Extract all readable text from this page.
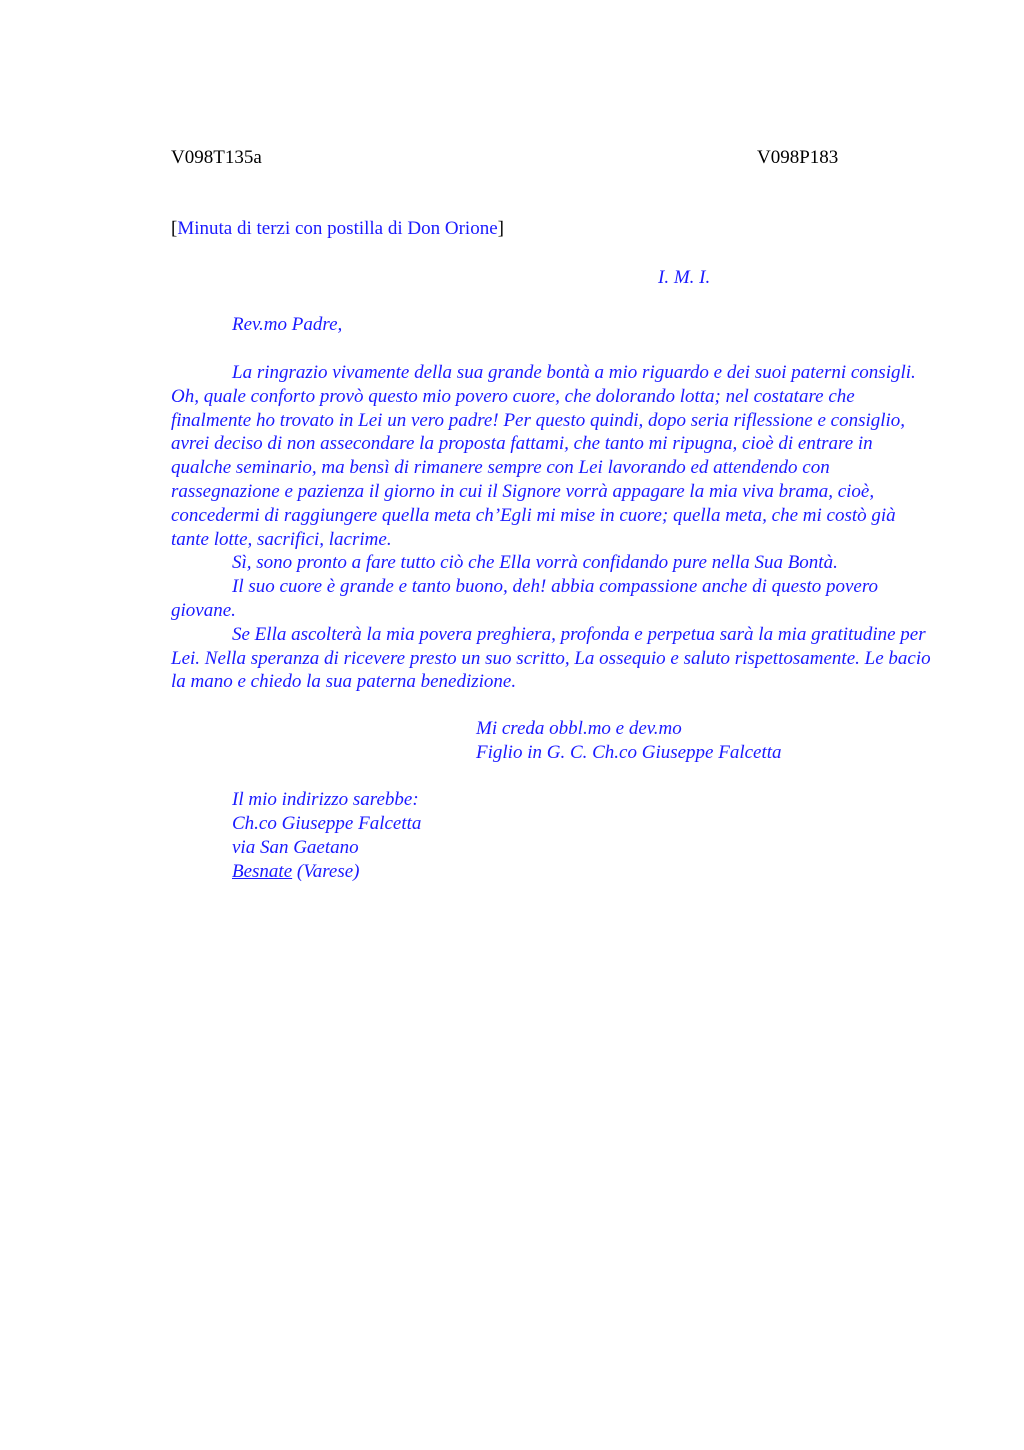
V098T135a	V098P183
[Minuta di terzi con postilla di Don Orione]
I. M. I.
Rev.mo Padre,

La ringrazio vivamente della sua grande bontà a mio riguardo e dei suoi paterni consigli. Oh, quale conforto provò questo mio povero cuore, che dolorando lotta; nel costatare che finalmente ho trovato in Lei un vero padre! Per questo quindi, dopo seria riflessione e consiglio, avrei deciso di non assecondare la proposta fattami, che tanto mi ripugna, cioè di entrare in qualche seminario, ma bensì di rimanere sempre con Lei lavorando ed attendendo con rassegnazione e pazienza il giorno in cui il Signore vorrà appagare la mia viva brama, cioè, concedermi di raggiungere quella meta ch’Egli mi mise in cuore; quella meta, che mi costò già tante lotte, sacrifici, lacrime.

Sì, sono pronto a fare tutto ciò che Ella vorrà confidando pure nella Sua Bontà.

Il suo cuore è grande e tanto buono, deh! abbia compassione anche di questo povero giovane.

Se Ella ascolterà la mia povera preghiera, profonda e perpetua sarà la mia gratitudine per Lei. Nella speranza di ricevere presto un suo scritto, La ossequio e saluto rispettosamente. Le bacio la mano e chiedo la sua paterna benedizione.

Mi creda obbl.mo e dev.mo
Figlio in G. C. Ch.co Giuseppe Falcetta
Il mio indirizzo sarebbe:
Ch.co Giuseppe Falcetta
via San Gaetano
Besnate (Varese)
